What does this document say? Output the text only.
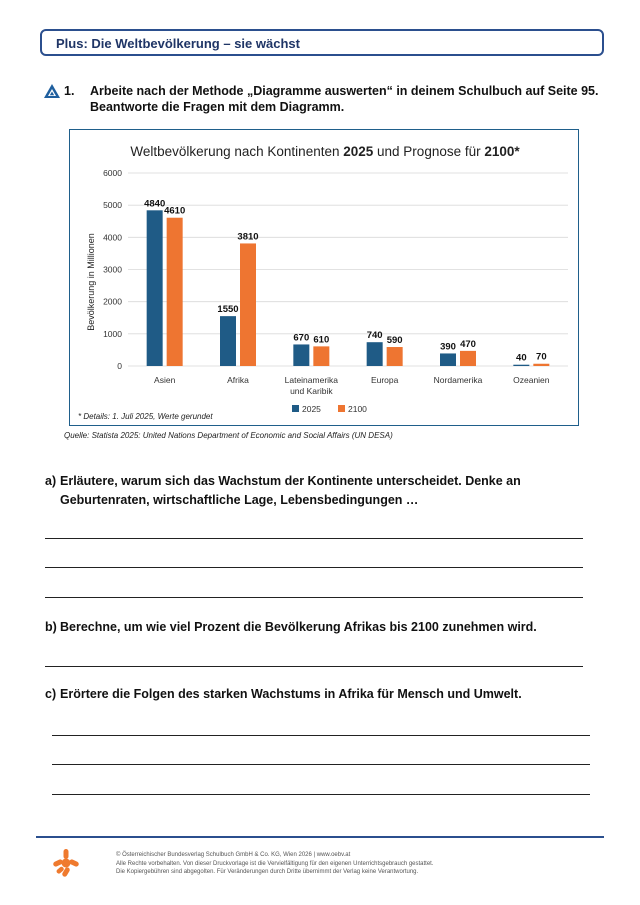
Plus: Die Weltbevölkerung – sie wächst
1. Arbeite nach der Methode „Diagramme auswerten“ in deinem Schulbuch auf Seite 95. Beantworte die Fragen mit dem Diagramm.
Weltbevölkerung nach Kontinenten 2025 und Prognose für 2100*
0
1000
2000
3000
4000
5000
6000
Asien	Afrika	Lateinamerika und Karibik
Europa	Nordamerika	Ozeanien
4840
4610
1550
3810
670 610	740 590
390 470
40 70
Bevölkerung in Millionen
* Details: 1. Juli 2025, Werte gerundet
2025	2100
Quelle: Statista 2025: United Nations Department of Economic and Social Affairs (UN DESA)
a) Erläutere, warum sich das Wachstum der Kontinente unterscheidet. Denke an Geburtenraten, wirtschaftliche Lage, Lebensbedingungen …
b) Berechne, um wie viel Prozent die Bevölkerung Afrikas bis 2100 zunehmen wird.
c) Erörtere die Folgen des starken Wachstums in Afrika für Mensch und Umwelt.
© Österreichischer Bundesverlag Schulbuch GmbH & Co. KG, Wien 2026 | www.oebv.at
Alle Rechte vorbehalten. Von dieser Druckvorlage ist die Vervielfältigung für den eigenen Unterrichtsgebrauch gestattet.
Die Kopiergebühren sind abgegolten. Für Veränderungen durch Dritte übernimmt der Verlag keine Verantwortung.
